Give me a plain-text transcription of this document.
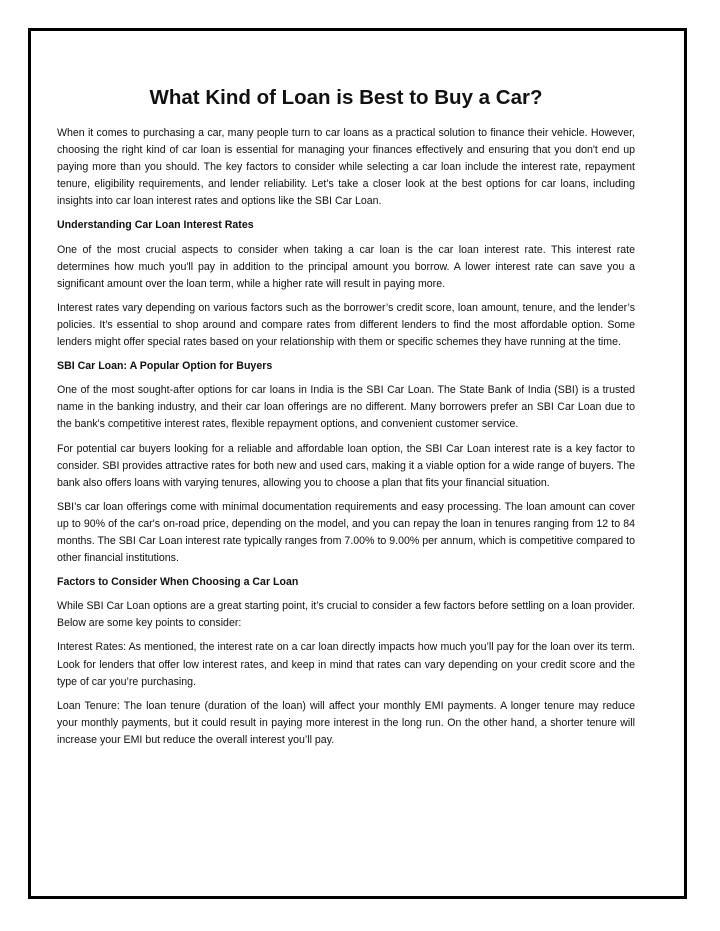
What Kind of Loan is Best to Buy a Car?

When it comes to purchasing a car, many people turn to car loans as a practical solution to finance their vehicle. However, choosing the right kind of car loan is essential for managing your finances effectively and ensuring that you don't end up paying more than you should. The key factors to consider while selecting a car loan include the interest rate, repayment tenure, eligibility requirements, and lender reliability. Let’s take a closer look at the best options for car loans, including insights into car loan interest rates and options like the SBI Car Loan.

Understanding Car Loan Interest Rates

One of the most crucial aspects to consider when taking a car loan is the car loan interest rate. This interest rate determines how much you'll pay in addition to the principal amount you borrow. A lower interest rate can save you a significant amount over the loan term, while a higher rate will result in paying more.

Interest rates vary depending on various factors such as the borrower’s credit score, loan amount, tenure, and the lender’s policies. It’s essential to shop around and compare rates from different lenders to find the most affordable option. Some lenders might offer special rates based on your relationship with them or specific schemes they have running at the time.

SBI Car Loan: A Popular Option for Buyers

One of the most sought-after options for car loans in India is the SBI Car Loan. The State Bank of India (SBI) is a trusted name in the banking industry, and their car loan offerings are no different. Many borrowers prefer an SBI Car Loan due to the bank's competitive interest rates, flexible repayment options, and convenient customer service.

For potential car buyers looking for a reliable and affordable loan option, the SBI Car Loan interest rate is a key factor to consider. SBI provides attractive rates for both new and used cars, making it a viable option for a wide range of buyers. The bank also offers loans with varying tenures, allowing you to choose a plan that fits your financial situation.

SBI’s car loan offerings come with minimal documentation requirements and easy processing. The loan amount can cover up to 90% of the car's on-road price, depending on the model, and you can repay the loan in tenures ranging from 12 to 84 months. The SBI Car Loan interest rate typically ranges from 7.00% to 9.00% per annum, which is competitive compared to other financial institutions.

Factors to Consider When Choosing a Car Loan

While SBI Car Loan options are a great starting point, it’s crucial to consider a few factors before settling on a loan provider. Below are some key points to consider:

Interest Rates: As mentioned, the interest rate on a car loan directly impacts how much you’ll pay for the loan over its term. Look for lenders that offer low interest rates, and keep in mind that rates can vary depending on your credit score and the type of car you’re purchasing.

Loan Tenure: The loan tenure (duration of the loan) will affect your monthly EMI payments. A longer tenure may reduce your monthly payments, but it could result in paying more interest in the long run. On the other hand, a shorter tenure will increase your EMI but reduce the overall interest you’ll pay.
